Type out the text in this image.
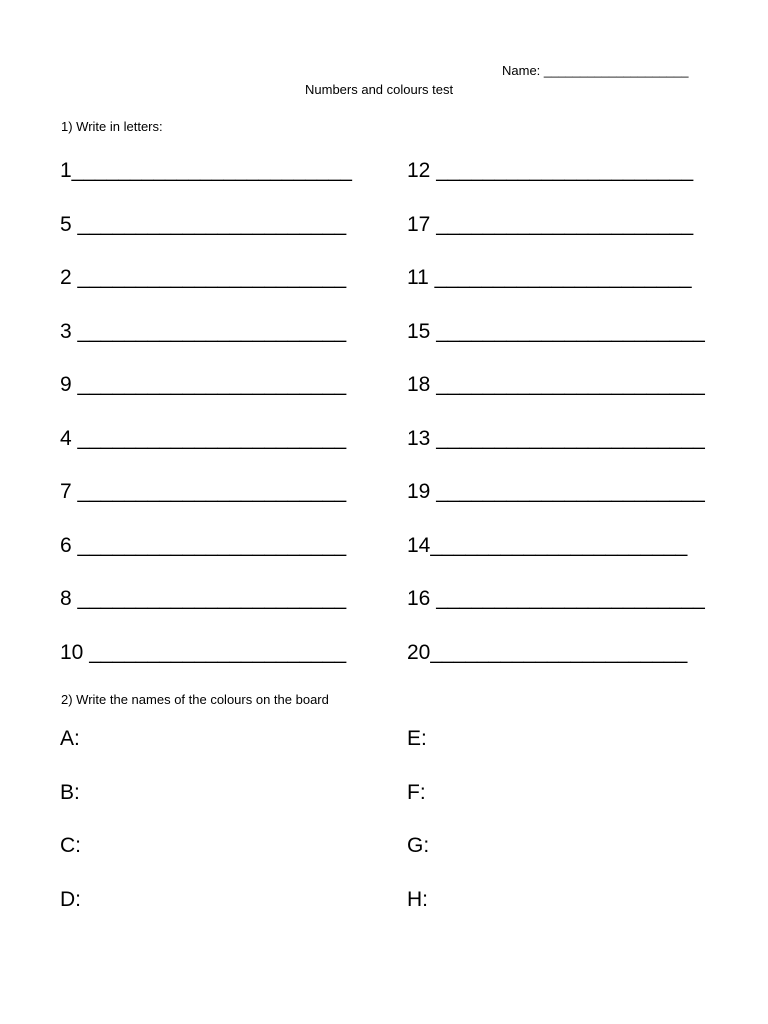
Name: ____________________
Numbers and colours test
1) Write in letters:
1________________________
5 _______________________
2 _______________________
3 _______________________
9 _______________________
4 _______________________
7 _______________________
6 _______________________
8 _______________________
10 ______________________
12 ______________________
17 ______________________
11 ______________________
15 _______________________
18 _______________________
13 _______________________
19 _______________________
14______________________
16 _______________________
20______________________
2) Write the names of the colours on the board
A:
B:
C:
D:
E:
F:
G:
H:
